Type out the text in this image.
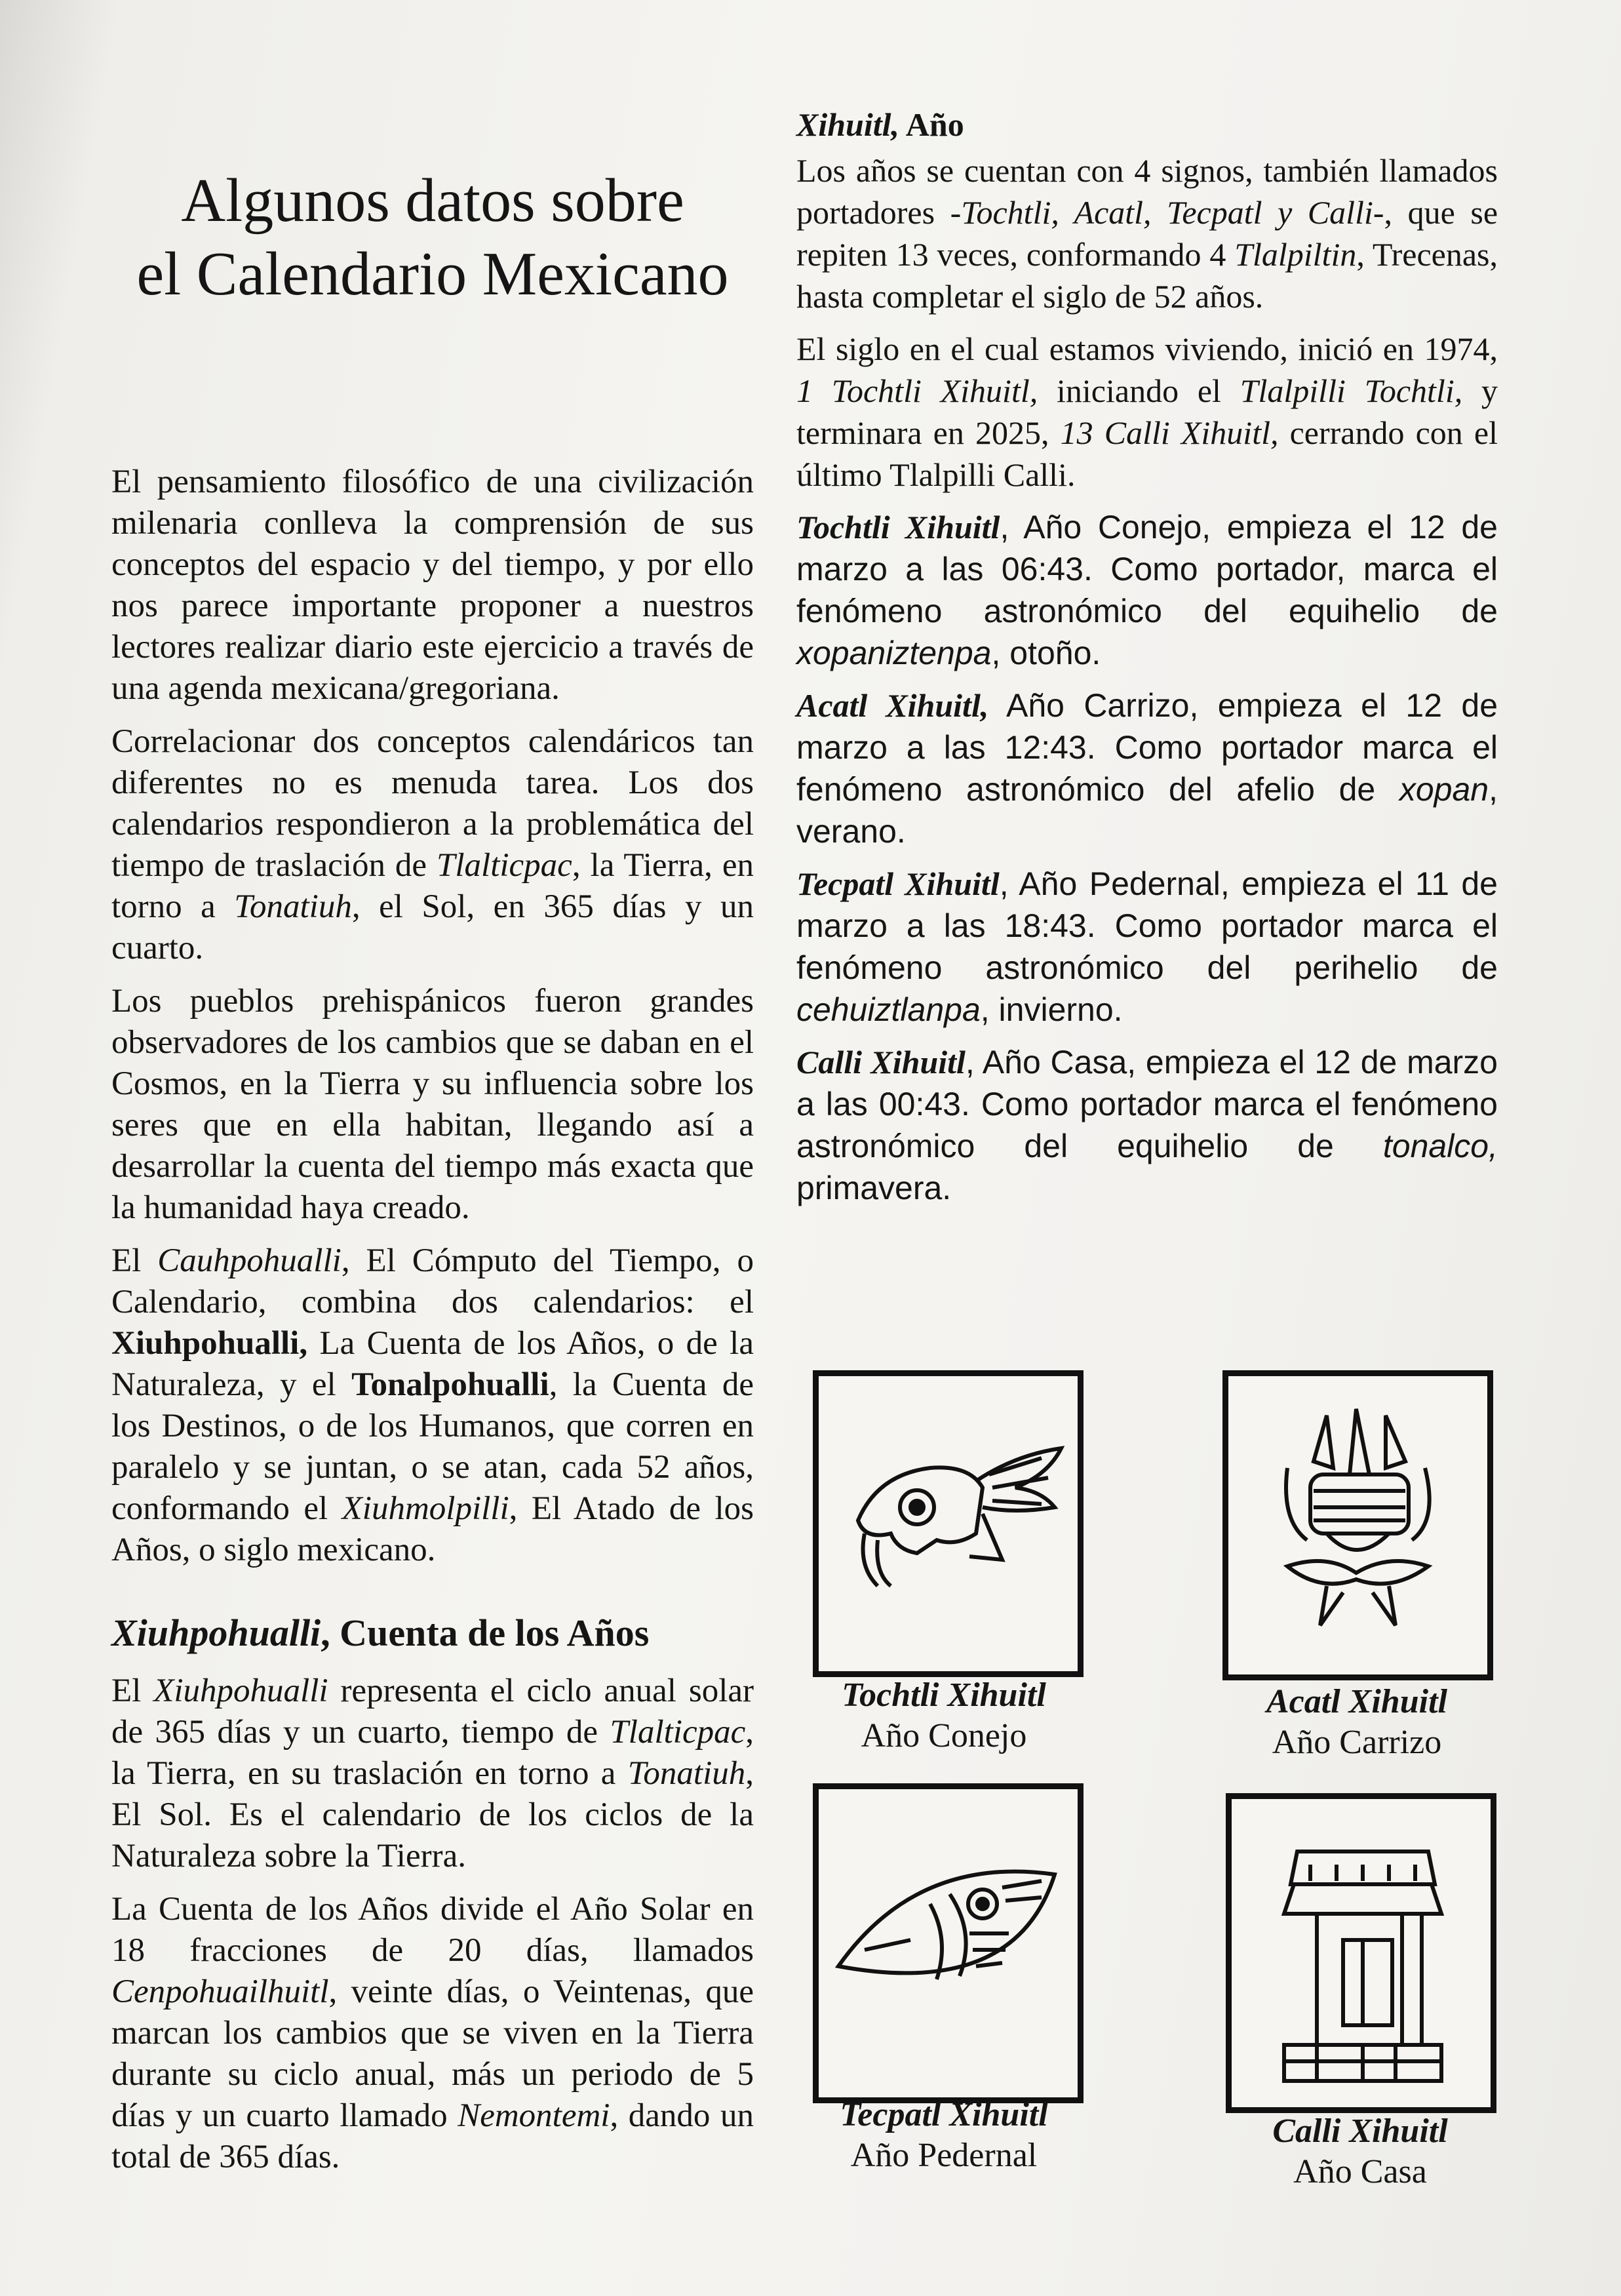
Algunos datos sobre
el Calendario Mexicano

El pensamiento filosófico de una civilización milenaria conlleva la comprensión de sus conceptos del espacio y del tiempo, y por ello nos parece importante proponer a nuestros lectores realizar diario este ejercicio a través de una agenda mexicana/gregoriana.

Correlacionar dos conceptos calendáricos tan diferentes no es menuda tarea. Los dos calendarios respondieron a la problemática del tiempo de traslación de Tlalticpac, la Tierra, en torno a Tonatiuh, el Sol, en 365 días y un cuarto.

Los pueblos prehispánicos fueron grandes observadores de los cambios que se daban en el Cosmos, en la Tierra y su influencia sobre los seres que en ella habitan, llegando así a desarrollar la cuenta del tiempo más exacta que la humanidad haya creado.

El Cauhpohualli, El Cómputo del Tiempo, o Calendario, combina dos calendarios: el Xiuhpohualli, La Cuenta de los Años, o de la Naturaleza, y el Tonalpohualli, la Cuenta de los Destinos, o de los Humanos, que corren en paralelo y se juntan, o se atan, cada 52 años, conformando el Xiuhmolpilli, El Atado de los Años, o siglo mexicano.

Xiuhpohualli, Cuenta de los Años

El Xiuhpohualli representa el ciclo anual solar de 365 días y un cuarto, tiempo de Tlalticpac, la Tierra, en su traslación en torno a Tonatiuh, El Sol. Es el calendario de los ciclos de la Naturaleza sobre la Tierra.

La Cuenta de los Años divide el Año Solar en 18 fracciones de 20 días, llamados Cenpohuailhuitl, veinte días, o Veintenas, que marcan los cambios que se viven en la Tierra durante su ciclo anual, más un periodo de 5 días y un cuarto llamado Nemontemi, dando un total de 365 días.

Xihuitl, Año

Los años se cuentan con 4 signos, también llamados portadores -Tochtli, Acatl, Tecpatl y Calli-, que se repiten 13 veces, conformando 4 Tlalpiltin, Trecenas, hasta completar el siglo de 52 años.

El siglo en el cual estamos viviendo, inició en 1974, 1 Tochtli Xihuitl, iniciando el Tlalpilli Tochtli, y terminara en 2025, 13 Calli Xihuitl, cerrando con el último Tlalpilli Calli.

Tochtli Xihuitl, Año Conejo, empieza el 12 de marzo a las 06:43. Como portador, marca el fenómeno astronómico del equihelio de xopaniztenpa, otoño.

Acatl Xihuitl, Año Carrizo, empieza el 12 de marzo a las 12:43. Como portador marca el fenómeno astronómico del afelio de xopan, verano.

Tecpatl Xihuitl, Año Pedernal, empieza el 11 de marzo a las 18:43. Como portador marca el fenómeno astronómico del perihelio de cehuiztlanpa, invierno.

Calli Xihuitl, Año Casa, empieza el 12 de marzo a las 00:43. Como portador marca el fenómeno astronómico del equihelio de tonalco, primavera.

Tochtli Xihuitl
Año Conejo
Acatl Xihuitl
Año Carrizo
Tecpatl Xihuitl
Año Pedernal
Calli Xihuitl
Año Casa
